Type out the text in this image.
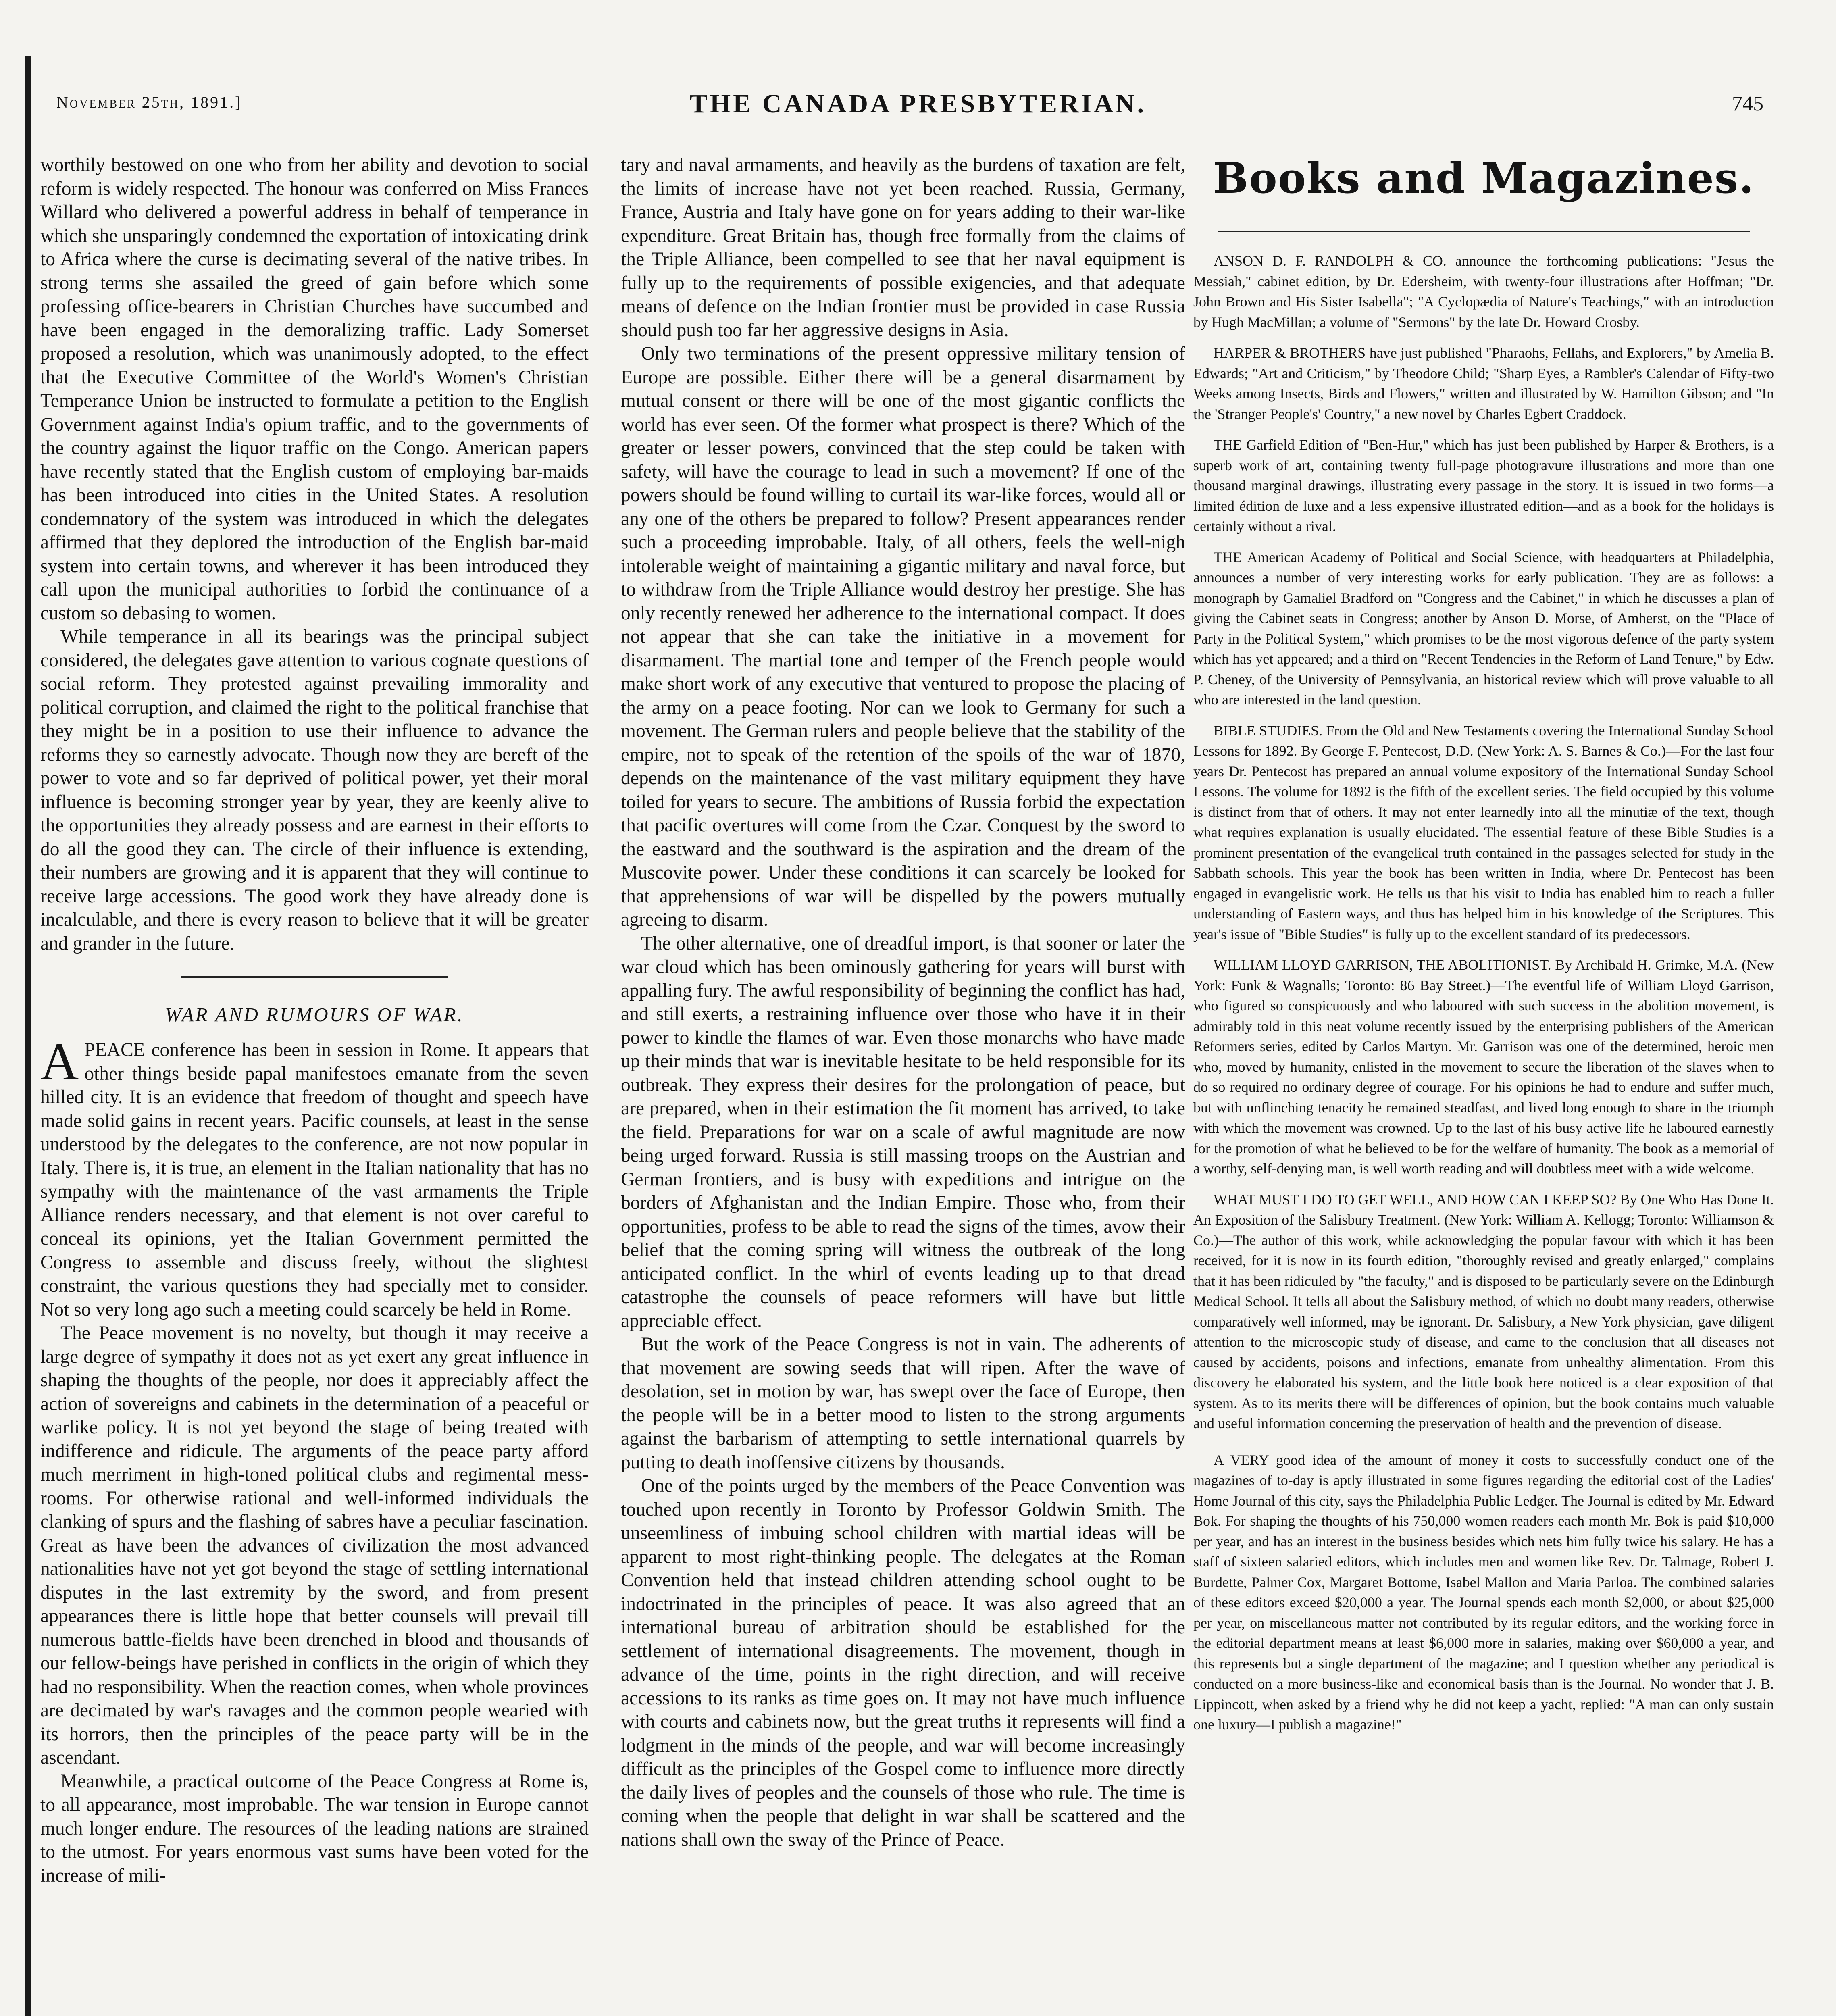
November 25th, 1891.]	THE CANADA PRESBYTERIAN.	745

worthily bestowed on one who from her ability and devotion to social reform is widely respected. The honour was conferred on Miss Frances Willard who delivered a powerful address in behalf of temperance in which she unsparingly condemned the exportation of intoxicating drink to Africa where the curse is decimating several of the native tribes. In strong terms she assailed the greed of gain before which some professing office-bearers in Christian Churches have succumbed and have been engaged in the demoralizing traffic. Lady Somerset proposed a resolution, which was unanimously adopted, to the effect that the Executive Committee of the World's Women's Christian Temperance Union be instructed to formulate a petition to the English Government against India's opium traffic, and to the governments of the country against the liquor traffic on the Congo. American papers have recently stated that the English custom of employing bar-maids has been introduced into cities in the United States. A resolution condemnatory of the system was introduced in which the delegates affirmed that they deplored the introduction of the English bar-maid system into certain towns, and wherever it has been introduced they call upon the municipal authorities to forbid the continuance of a custom so debasing to women.

While temperance in all its bearings was the principal subject considered, the delegates gave attention to various cognate questions of social reform. They protested against prevailing immorality and political corruption, and claimed the right to the political franchise that they might be in a position to use their influence to advance the reforms they so earnestly advocate. Though now they are bereft of the power to vote and so far deprived of political power, yet their moral influence is becoming stronger year by year, they are keenly alive to the opportunities they already possess and are earnest in their efforts to do all the good they can. The circle of their influence is extending, their numbers are growing and it is apparent that they will continue to receive large accessions. The good work they have already done is incalculable, and there is every reason to believe that it will be greater and grander in the future.

WAR AND RUMOURS OF WAR.

APEACE conference has been in session in Rome. It appears that other things beside papal manifestoes emanate from the seven hilled city. It is an evidence that freedom of thought and speech have made solid gains in recent years. Pacific counsels, at least in the sense understood by the delegates to the conference, are not now popular in Italy. There is, it is true, an element in the Italian nationality that has no sympathy with the maintenance of the vast armaments the Triple Alliance renders necessary, and that element is not over careful to conceal its opinions, yet the Italian Government permitted the Congress to assemble and discuss freely, without the slightest constraint, the various questions they had specially met to consider. Not so very long ago such a meeting could scarcely be held in Rome.

The Peace movement is no novelty, but though it may receive a large degree of sympathy it does not as yet exert any great influence in shaping the thoughts of the people, nor does it appreciably affect the action of sovereigns and cabinets in the determination of a peaceful or warlike policy. It is not yet beyond the stage of being treated with indifference and ridicule. The arguments of the peace party afford much merriment in high-toned political clubs and regimental mess-rooms. For otherwise rational and well-informed individuals the clanking of spurs and the flashing of sabres have a peculiar fascination. Great as have been the advances of civilization the most advanced nationalities have not yet got beyond the stage of settling international disputes in the last extremity by the sword, and from present appearances there is little hope that better counsels will prevail till numerous battle-fields have been drenched in blood and thousands of our fellow-beings have perished in conflicts in the origin of which they had no responsibility. When the reaction comes, when whole provinces are decimated by war's ravages and the common people wearied with its horrors, then the principles of the peace party will be in the ascendant.

Meanwhile, a practical outcome of the Peace Congress at Rome is, to all appearance, most improbable. The war tension in Europe cannot much longer endure. The resources of the leading nations are strained to the utmost. For years enormous vast sums have been voted for the increase of mili-

tary and naval armaments, and heavily as the burdens of taxation are felt, the limits of increase have not yet been reached. Russia, Germany, France, Austria and Italy have gone on for years adding to their war-like expenditure. Great Britain has, though free formally from the claims of the Triple Alliance, been compelled to see that her naval equipment is fully up to the requirements of possible exigencies, and that adequate means of defence on the Indian frontier must be provided in case Russia should push too far her aggressive designs in Asia.

Only two terminations of the present oppressive military tension of Europe are possible. Either there will be a general disarmament by mutual consent or there will be one of the most gigantic conflicts the world has ever seen. Of the former what prospect is there? Which of the greater or lesser powers, convinced that the step could be taken with safety, will have the courage to lead in such a movement? If one of the powers should be found willing to curtail its war-like forces, would all or any one of the others be prepared to follow? Present appearances render such a proceeding improbable. Italy, of all others, feels the well-nigh intolerable weight of maintaining a gigantic military and naval force, but to withdraw from the Triple Alliance would destroy her prestige. She has only recently renewed her adherence to the international compact. It does not appear that she can take the initiative in a movement for disarmament. The martial tone and temper of the French people would make short work of any executive that ventured to propose the placing of the army on a peace footing. Nor can we look to Germany for such a movement. The German rulers and people believe that the stability of the empire, not to speak of the retention of the spoils of the war of 1870, depends on the maintenance of the vast military equipment they have toiled for years to secure. The ambitions of Russia forbid the expectation that pacific overtures will come from the Czar. Conquest by the sword to the eastward and the southward is the aspiration and the dream of the Muscovite power. Under these conditions it can scarcely be looked for that apprehensions of war will be dispelled by the powers mutually agreeing to disarm.

The other alternative, one of dreadful import, is that sooner or later the war cloud which has been ominously gathering for years will burst with appalling fury. The awful responsibility of beginning the conflict has had, and still exerts, a restraining influence over those who have it in their power to kindle the flames of war. Even those monarchs who have made up their minds that war is inevitable hesitate to be held responsible for its outbreak. They express their desires for the prolongation of peace, but are prepared, when in their estimation the fit moment has arrived, to take the field. Preparations for war on a scale of awful magnitude are now being urged forward. Russia is still massing troops on the Austrian and German frontiers, and is busy with expeditions and intrigue on the borders of Afghanistan and the Indian Empire. Those who, from their opportunities, profess to be able to read the signs of the times, avow their belief that the coming spring will witness the outbreak of the long anticipated conflict. In the whirl of events leading up to that dread catastrophe the counsels of peace reformers will have but little appreciable effect.

But the work of the Peace Congress is not in vain. The adherents of that movement are sowing seeds that will ripen. After the wave of desolation, set in motion by war, has swept over the face of Europe, then the people will be in a better mood to listen to the strong arguments against the barbarism of attempting to settle international quarrels by putting to death inoffensive citizens by thousands.

One of the points urged by the members of the Peace Convention was touched upon recently in Toronto by Professor Goldwin Smith. The unseemliness of imbuing school children with martial ideas will be apparent to most right-thinking people. The delegates at the Roman Convention held that instead children attending school ought to be indoctrinated in the principles of peace. It was also agreed that an international bureau of arbitration should be established for the settlement of international disagreements. The movement, though in advance of the time, points in the right direction, and will receive accessions to its ranks as time goes on. It may not have much influence with courts and cabinets now, but the great truths it represents will find a lodgment in the minds of the people, and war will become increasingly difficult as the principles of the Gospel come to influence more directly the daily lives of peoples and the counsels of those who rule. The time is coming when the people that delight in war shall be scattered and the nations shall own the sway of the Prince of Peace.

Books and Magazines.

ANSON D. F. RANDOLPH & CO. announce the forthcoming publications: "Jesus the Messiah," cabinet edition, by Dr. Edersheim, with twenty-four illustrations after Hoffman; "Dr. John Brown and His Sister Isabella"; "A Cyclopædia of Nature's Teachings," with an introduction by Hugh MacMillan; a volume of "Sermons" by the late Dr. Howard Crosby.

HARPER & BROTHERS have just published "Pharaohs, Fellahs, and Explorers," by Amelia B. Edwards; "Art and Criticism," by Theodore Child; "Sharp Eyes, a Rambler's Calendar of Fifty-two Weeks among Insects, Birds and Flowers," written and illustrated by W. Hamilton Gibson; and "In the 'Stranger People's' Country," a new novel by Charles Egbert Craddock.

THE Garfield Edition of "Ben-Hur," which has just been published by Harper & Brothers, is a superb work of art, containing twenty full-page photogravure illustrations and more than one thousand marginal drawings, illustrating every passage in the story. It is issued in two forms—a limited édition de luxe and a less expensive illustrated edition—and as a book for the holidays is certainly without a rival.

THE American Academy of Political and Social Science, with headquarters at Philadelphia, announces a number of very interesting works for early publication. They are as follows: a monograph by Gamaliel Bradford on "Congress and the Cabinet," in which he discusses a plan of giving the Cabinet seats in Congress; another by Anson D. Morse, of Amherst, on the "Place of Party in the Political System," which promises to be the most vigorous defence of the party system which has yet appeared; and a third on "Recent Tendencies in the Reform of Land Tenure," by Edw. P. Cheney, of the University of Pennsylvania, an historical review which will prove valuable to all who are interested in the land question.

BIBLE STUDIES. From the Old and New Testaments covering the International Sunday School Lessons for 1892. By George F. Pentecost, D.D. (New York: A. S. Barnes & Co.)—For the last four years Dr. Pentecost has prepared an annual volume expository of the International Sunday School Lessons. The volume for 1892 is the fifth of the excellent series. The field occupied by this volume is distinct from that of others. It may not enter learnedly into all the minutiæ of the text, though what requires explanation is usually elucidated. The essential feature of these Bible Studies is a prominent presentation of the evangelical truth contained in the passages selected for study in the Sabbath schools. This year the book has been written in India, where Dr. Pentecost has been engaged in evangelistic work. He tells us that his visit to India has enabled him to reach a fuller understanding of Eastern ways, and thus has helped him in his knowledge of the Scriptures. This year's issue of "Bible Studies" is fully up to the excellent standard of its predecessors.

WILLIAM LLOYD GARRISON, THE ABOLITIONIST. By Archibald H. Grimke, M.A. (New York: Funk & Wagnalls; Toronto: 86 Bay Street.)—The eventful life of William Lloyd Garrison, who figured so conspicuously and who laboured with such success in the abolition movement, is admirably told in this neat volume recently issued by the enterprising publishers of the American Reformers series, edited by Carlos Martyn. Mr. Garrison was one of the determined, heroic men who, moved by humanity, enlisted in the movement to secure the liberation of the slaves when to do so required no ordinary degree of courage. For his opinions he had to endure and suffer much, but with unflinching tenacity he remained steadfast, and lived long enough to share in the triumph with which the movement was crowned. Up to the last of his busy active life he laboured earnestly for the promotion of what he believed to be for the welfare of humanity. The book as a memorial of a worthy, self-denying man, is well worth reading and will doubtless meet with a wide welcome.

WHAT MUST I DO TO GET WELL, AND HOW CAN I KEEP SO? By One Who Has Done It. An Exposition of the Salisbury Treatment. (New York: William A. Kellogg; Toronto: Williamson & Co.)—The author of this work, while acknowledging the popular favour with which it has been received, for it is now in its fourth edition, "thoroughly revised and greatly enlarged," complains that it has been ridiculed by "the faculty," and is disposed to be particularly severe on the Edinburgh Medical School. It tells all about the Salisbury method, of which no doubt many readers, otherwise comparatively well informed, may be ignorant. Dr. Salisbury, a New York physician, gave diligent attention to the microscopic study of disease, and came to the conclusion that all diseases not caused by accidents, poisons and infections, emanate from unhealthy alimentation. From this discovery he elaborated his system, and the little book here noticed is a clear exposition of that system. As to its merits there will be differences of opinion, but the book contains much valuable and useful information concerning the preservation of health and the prevention of disease.

A VERY good idea of the amount of money it costs to successfully conduct one of the magazines of to-day is aptly illustrated in some figures regarding the editorial cost of the Ladies' Home Journal of this city, says the Philadelphia Public Ledger. The Journal is edited by Mr. Edward Bok. For shaping the thoughts of his 750,000 women readers each month Mr. Bok is paid $10,000 per year, and has an interest in the business besides which nets him fully twice his salary. He has a staff of sixteen salaried editors, which includes men and women like Rev. Dr. Talmage, Robert J. Burdette, Palmer Cox, Margaret Bottome, Isabel Mallon and Maria Parloa. The combined salaries of these editors exceed $20,000 a year. The Journal spends each month $2,000, or about $25,000 per year, on miscellaneous matter not contributed by its regular editors, and the working force in the editorial department means at least $6,000 more in salaries, making over $60,000 a year, and this represents but a single department of the magazine; and I question whether any periodical is conducted on a more business-like and economical basis than is the Journal. No wonder that J. B. Lippincott, when asked by a friend why he did not keep a yacht, replied: "A man can only sustain one luxury—I publish a magazine!"
